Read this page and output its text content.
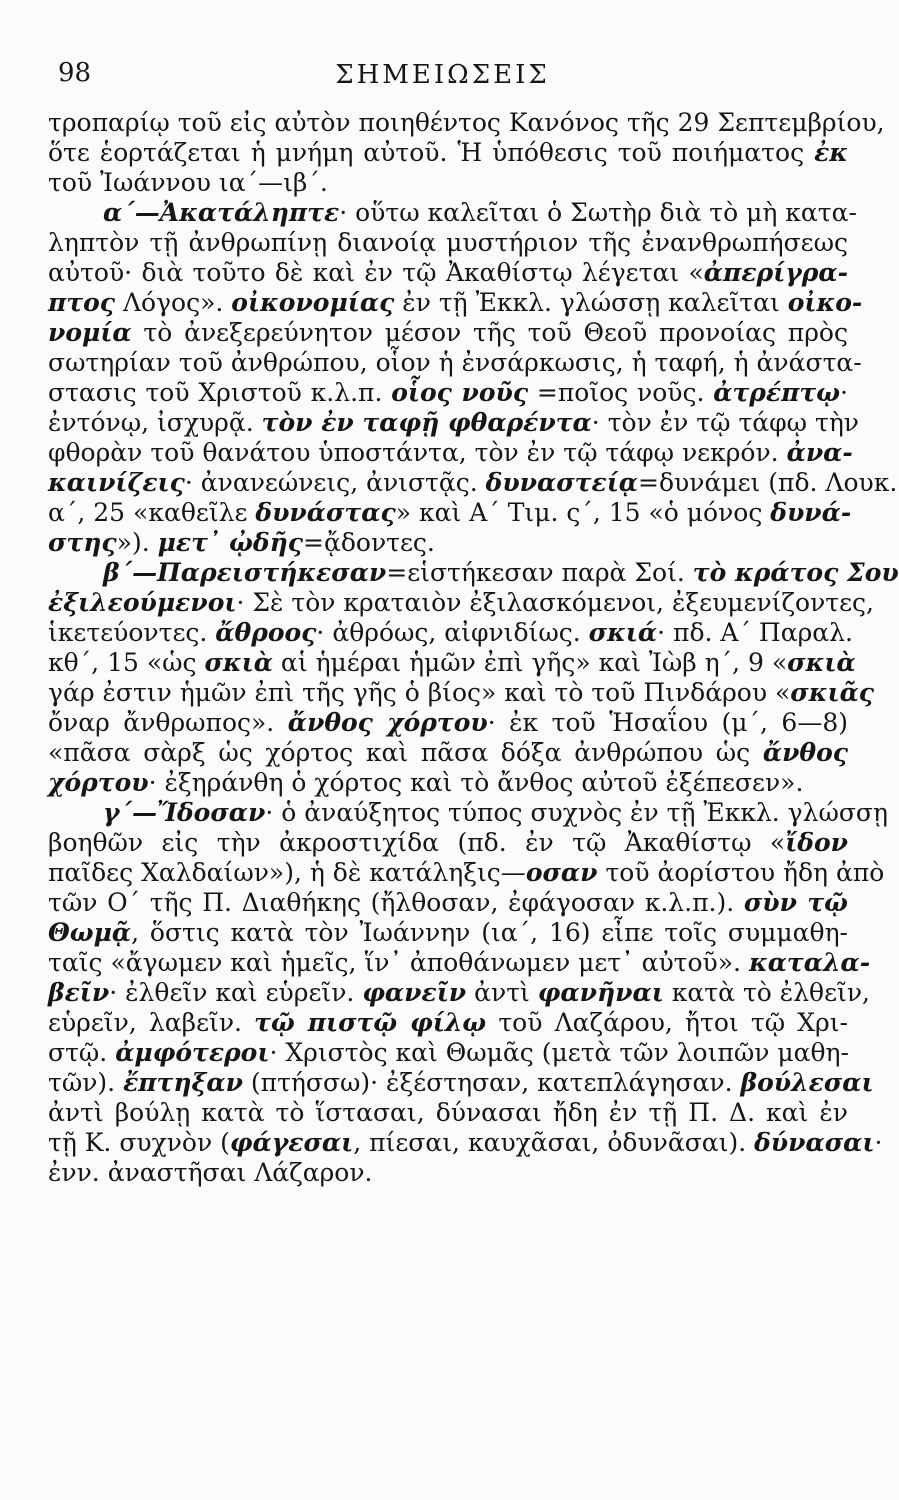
98	ΣΗΜΕΙΩΣΕΙΣ
τροπαρίῳ τοῦ εἰς αὐτὸν ποιηθέντος Κανόνος τῆς 29 Σεπτεμβρίου,
ὅτε ἑορτάζεται ἡ μνήμη αὐτοῦ. Ἡ ὑπόθεσις τοῦ ποιήματος ἐκ
τοῦ Ἰωάννου ια΄—ιβ΄.
α΄—Ἀκατάληπτε· οὕτω καλεῖται ὁ Σωτὴρ διὰ τὸ μὴ κατα-
ληπτὸν τῇ ἀνθρωπίνῃ διανοίᾳ μυστήριον τῆς ἐνανθρωπήσεως
αὐτοῦ· διὰ τοῦτο δὲ καὶ ἐν τῷ Ἀκαθίστῳ λέγεται «ἀπερίγρα-
πτος Λόγος». οἰκονομίας ἐν τῇ Ἐκκλ. γλώσσῃ καλεῖται οἰκο-
νομία τὸ ἀνεξερεύνητον μέσον τῆς τοῦ Θεοῦ προνοίας πρὸς
σωτηρίαν τοῦ ἀνθρώπου, οἷον ἡ ἐνσάρκωσις, ἡ ταφή, ἡ ἀνάστα-
στασις τοῦ Χριστοῦ κ.λ.π. οἷος νοῦς =ποῖος νοῦς. ἀτρέπτῳ·
ἐντόνῳ, ἰσχυρᾷ. τὸν ἐν ταφῇ φθαρέντα· τὸν ἐν τῷ τάφῳ τὴν
φθορὰν τοῦ θανάτου ὑποστάντα, τὸν ἐν τῷ τάφῳ νεκρόν. ἀνα-
καινίζεις· ἀνανεώνεις, ἀνιστᾷς. δυναστείᾳ=δυνάμει (πδ. Λουκ.
α΄, 25 «καθεῖλε δυνάστας» καὶ Α΄ Τιμ. ς΄, 15 «ὁ μόνος δυνά-
στης»). μετ᾽ ᾠδῆς=ᾄδοντες.
β΄—Παρειστήκεσαν=εἱστήκεσαν παρὰ Σοί. τὸ κράτος Σου
ἐξιλεούμενοι· Σὲ τὸν κραταιὸν ἐξιλασκόμενοι, ἐξευμενίζοντες,
ἱκετεύοντες. ἄθροος· ἀθρόως, αἰφνιδίως. σκιά· πδ. Α΄ Παραλ.
κθ΄, 15 «ὡς σκιὰ αἱ ἡμέραι ἡμῶν ἐπὶ γῆς» καὶ Ἰὼβ η΄, 9 «σκιὰ
γάρ ἐστιν ἡμῶν ἐπὶ τῆς γῆς ὁ βίος» καὶ τὸ τοῦ Πινδάρου «σκιᾶς
ὄναρ ἄνθρωπος». ἄνθος χόρτου· ἐκ τοῦ Ἡσαΐου (μ΄, 6—8)
«πᾶσα σὰρξ ὡς χόρτος καὶ πᾶσα δόξα ἀνθρώπου ὡς ἄνθος
χόρτου· ἐξηράνθη ὁ χόρτος καὶ τὸ ἄνθος αὐτοῦ ἐξέπεσεν».
γ΄—Ἴδοσαν· ὁ ἀναύξητος τύπος συχνὸς ἐν τῇ Ἐκκλ. γλώσσῃ
βοηθῶν εἰς τὴν ἀκροστιχίδα (πδ. ἐν τῷ Ἀκαθίστῳ «ἴδον
παῖδες Χαλδαίων»), ἡ δὲ κατάληξις—οσαν τοῦ ἀορίστου ἤδη ἀπὸ
τῶν Ο΄ τῆς Π. Διαθήκης (ἤλθοσαν, ἐφάγοσαν κ.λ.π.). σὺν τῷ
Θωμᾷ, ὅστις κατὰ τὸν Ἰωάννην (ια΄, 16) εἶπε τοῖς συμμαθη-
ταῖς «ἄγωμεν καὶ ἡμεῖς, ἵν᾽ ἀποθάνωμεν μετ᾽ αὐτοῦ». καταλα-
βεῖν· ἐλθεῖν καὶ εὑρεῖν. φανεῖν ἀντὶ φανῆναι κατὰ τὸ ἐλθεῖν,
εὑρεῖν, λαβεῖν. τῷ πιστῷ φίλῳ τοῦ Λαζάρου, ἤτοι τῷ Χρι-
στῷ. ἀμφότεροι· Χριστὸς καὶ Θωμᾶς (μετὰ τῶν λοιπῶν μαθη-
τῶν). ἔπτηξαν (πτήσσω)· ἐξέστησαν, κατεπλάγησαν. βούλεσαι
ἀντὶ βούλῃ κατὰ τὸ ἵστασαι, δύνασαι ἤδη ἐν τῇ Π. Δ. καὶ ἐν
τῇ Κ. συχνὸν (φάγεσαι, πίεσαι, καυχᾶσαι, ὀδυνᾶσαι). δύνασαι·
ἐνν. ἀναστῆσαι Λάζαρον.
